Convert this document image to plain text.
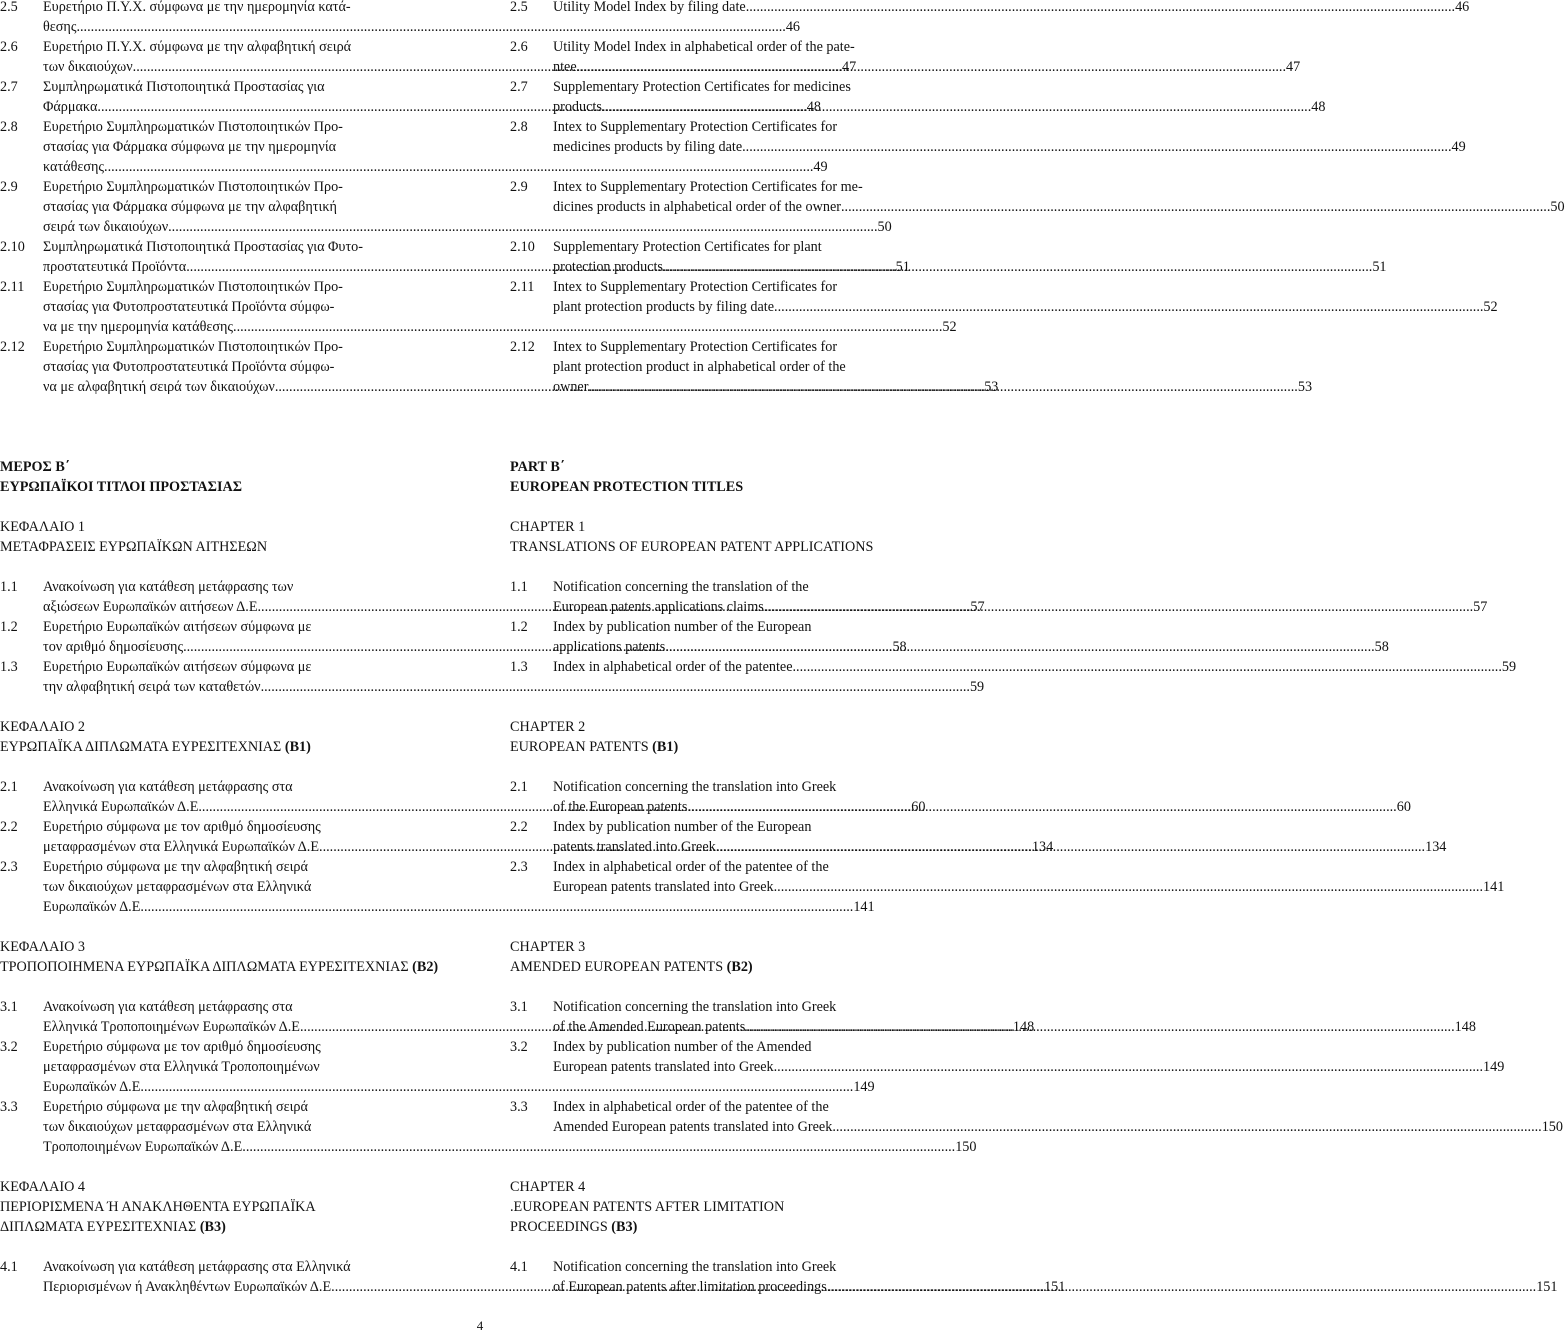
2.5 Ευρετήριο Π.Υ.Χ. σύμφωνα με την ημερομηνία κατά-
θεσης .....	46
2.6 Ευρετήριο Π.Υ.Χ. σύμφωνα με την αλφαβητική σειρά
των δικαιούχων .....	47
2.7 Συμπληρωματικά Πιστοποιητικά Προστασίας για
Φάρμακα .....	48
2.8 Ευρετήριο Συμπληρωματικών Πιστοποιητικών Προ-
στασίας για Φάρμακα σύμφωνα με την ημερομηνία
κατάθεσης .....	49
2.9 Ευρετήριο Συμπληρωματικών Πιστοποιητικών Προ-
στασίας για Φάρμακα σύμφωνα με την αλφαβητική
σειρά των δικαιούχων .....	50
2.10 Συμπληρωματικά Πιστοποιητικά Προστασίας για Φυτο-
προστατευτικά Προϊόντα .....	51
2.11 Ευρετήριο Συμπληρωματικών Πιστοποιητικών Προ-
στασίας για Φυτοπροστατευτικά Προϊόντα σύμφω-
να με την ημερομηνία κατάθεσης .....	52
2.12 Ευρετήριο Συμπληρωματικών Πιστοποιητικών Προ-
στασίας για Φυτοπροστατευτικά Προϊόντα σύμφω-
να με αλφαβητική σειρά των δικαιούχων .....	53
ΜΕΡΟΣ Β΄
ΕΥΡΩΠΑΪΚΟΙ ΤΙΤΛΟΙ ΠΡΟΣΤΑΣΙΑΣ
ΚΕΦΑΛΑΙΟ 1
ΜΕΤΑΦΡΑΣΕΙΣ ΕΥΡΩΠΑΪΚΩΝ ΑΙΤΗΣΕΩΝ
1.1 Ανακοίνωση για κατάθεση μετάφρασης των
αξιώσεων Ευρωπαϊκών αιτήσεων Δ.Ε. .....	57
1.2 Ευρετήριο Ευρωπαϊκών αιτήσεων σύμφωνα με
τον αριθμό δημοσίευσης .....	58
1.3 Ευρετήριο Ευρωπαϊκών αιτήσεων σύμφωνα με
την αλφαβητική σειρά των καταθετών .....	59
ΚΕΦΑΛΑΙΟ 2
ΕΥΡΩΠΑΪΚΑ ΔΙΠΛΩΜΑΤΑ ΕΥΡΕΣΙΤΕΧΝΙΑΣ (Β1)
2.1 Ανακοίνωση για κατάθεση μετάφρασης στα
Ελληνικά Ευρωπαϊκών Δ.Ε. .....	60
2.2 Ευρετήριο σύμφωνα με τον αριθμό δημοσίευσης
μεταφρασμένων στα Ελληνικά Ευρωπαϊκών Δ.Ε. .....	134
2.3 Ευρετήριο σύμφωνα με την αλφαβητική σειρά
των δικαιούχων μεταφρασμένων στα Ελληνικά
Ευρωπαϊκών Δ.Ε. .....	141
ΚΕΦΑΛΑΙΟ 3
ΤΡΟΠΟΠΟΙΗΜΕΝΑ ΕΥΡΩΠΑΪΚΑ ΔΙΠΛΩΜΑΤΑ ΕΥΡΕΣΙΤΕΧΝΙΑΣ (Β2)
3.1 Ανακοίνωση για κατάθεση μετάφρασης στα
Ελληνικά Τροποποιημένων Ευρωπαϊκών Δ.Ε. .....	148
3.2 Ευρετήριο σύμφωνα με τον αριθμό δημοσίευσης
μεταφρασμένων στα Ελληνικά Τροποποιημένων
Ευρωπαϊκών Δ.Ε. .....	149
3.3 Ευρετήριο σύμφωνα με την αλφαβητική σειρά
των δικαιούχων μεταφρασμένων στα Ελληνικά
Τροποποιημένων Ευρωπαϊκών Δ.Ε. .....	150
ΚΕΦΑΛΑΙΟ 4
ΠΕΡΙΟΡΙΣΜΕΝΑ Ή ΑΝΑΚΛΗΘΕΝΤΑ ΕΥΡΩΠΑΪΚΑ
ΔΙΠΛΩΜΑΤΑ ΕΥΡΕΣΙΤΕΧΝΙΑΣ (Β3)
4.1 Ανακοίνωση για κατάθεση μετάφρασης στα Ελληνικά
Περιορισμένων ή Ανακληθέντων Ευρωπαϊκών Δ.Ε. .....	151
2.5 Utility Model Index by filing date .....	46
2.6 Utility Model Index in alphabetical order of the pate-
ntee .....	47
2.7 Supplementary Protection Certificates for medicines
products .....	48
2.8 Intex to Supplementary Protection Certificates for
medicines products by filing date .....	49
2.9 Intex to Supplementary Protection Certificates for me-
dicines products in alphabetical order of the owner .....	50
2.10 Supplementary Protection Certificates for plant
protection products .....	51
2.11 Intex to Supplementary Protection Certificates for
plant protection products by filing date .....	52
2.12 Intex to Supplementary Protection Certificates for
plant protection product in alphabetical order of the
owner .....	53
PART B΄
EUROPEAN PROTECTION TITLES
CHAPTER 1
TRANSLATIONS OF EUROPEAN PATENT APPLICATIONS
1.1 Notification concerning the translation of the
European patents applications claims .....	57
1.2 Index by publication number of the European
applications patents .....	58
1.3 Index in alphabetical order of the patentee .....	59
CHAPTER 2
EUROPEAN PATENTS (B1)
2.1 Notification concerning the translation into Greek
of the European patents .....	60
2.2 Index by publication number of the European
patents translated into Greek .....	134
2.3 Index in alphabetical order of the patentee of the
European patents translated into Greek .....	141
CHAPTER 3
AMENDED EUROPEAN PATENTS (B2)
3.1 Notification concerning the translation into Greek
of the Amended European patents .....	148
3.2 Index by publication number of the Amended
European patents translated into Greek .....	149
3.3 Index in alphabetical order of the patentee of the
Amended European patents translated into Greek .....	150
CHAPTER 4
.EUROPEAN PATENTS AFTER LIMITATION
PROCEEDINGS (B3)
4.1 Notification concerning the translation into Greek
of European patents after limitation proceedings .....	151
4
